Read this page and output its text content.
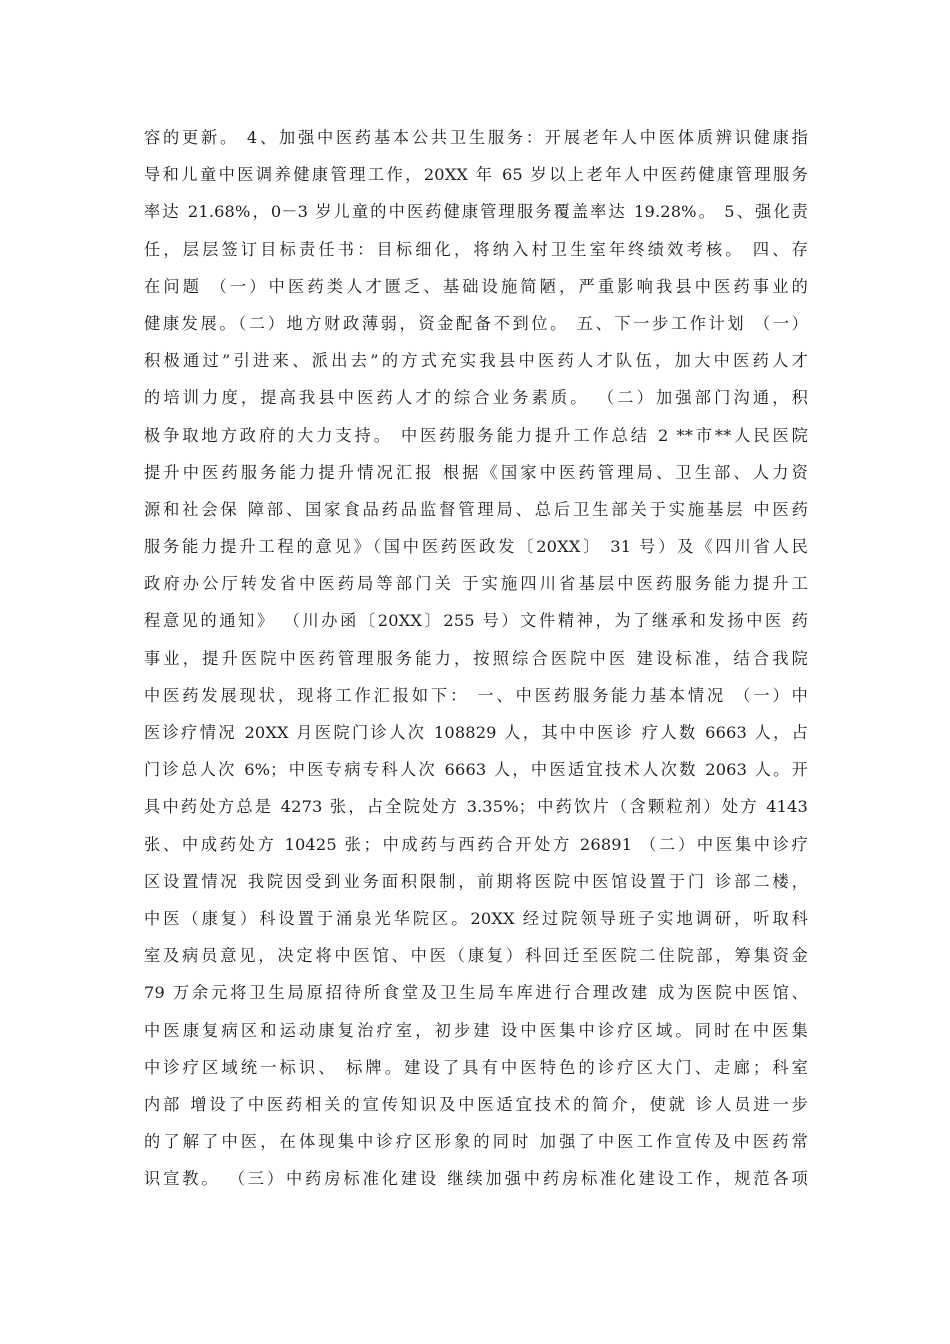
容的更新。 4、加强中医药基本公共卫生服务：开展老年人中医体质辨识健康指
导和儿童中医调养健康管理工作，20XX 年 65 岁以上老年人中医药健康管理服务
率达 21.68%，0－3 岁儿童的中医药健康管理服务覆盖率达 19.28%。 5、强化责
任，层层签订目标责任书：目标细化，将纳入村卫生室年终绩效考核。 四、存
在问题 （一）中医药类人才匮乏、基础设施简陋，严重影响我县中医药事业的
健康发展。（二）地方财政薄弱，资金配备不到位。 五、下一步工作计划 （一）
积极通过”引进来、派出去”的方式充实我县中医药人才队伍，加大中医药人才
的培训力度，提高我县中医药人才的综合业务素质。 （二）加强部门沟通，积
极争取地方政府的大力支持。 中医药服务能力提升工作总结 2 **市**人民医院
提升中医药服务能力提升情况汇报 根据《国家中医药管理局、卫生部、人力资
源和社会保 障部、国家食品药品监督管理局、总后卫生部关于实施基层 中医药
服务能力提升工程的意见》（国中医药医政发〔20XX〕 31 号）及《四川省人民
政府办公厅转发省中医药局等部门关 于实施四川省基层中医药服务能力提升工
程意见的通知》 （川办函〔20XX〕255 号）文件精神，为了继承和发扬中医 药
事业，提升医院中医药管理服务能力，按照综合医院中医 建设标准，结合我院
中医药发展现状，现将工作汇报如下： 一、中医药服务能力基本情况 （一）中
医诊疗情况 20XX 月医院门诊人次 108829 人，其中中医诊 疗人数 6663 人，占
门诊总人次 6%；中医专病专科人次 6663 人，中医适宜技术人次数 2063 人。开
具中药处方总是 4273 张，占全院处方 3.35%；中药饮片（含颗粒剂）处方 4143
张、中成药处方 10425 张；中成药与西药合开处方 26891 （二）中医集中诊疗
区设置情况 我院因受到业务面积限制，前期将医院中医馆设置于门 诊部二楼，
中医（康复）科设置于涌泉光华院区。20XX 经过院领导班子实地调研，听取科
室及病员意见，决定将中医馆、中医（康复）科回迁至医院二住院部，筹集资金
79 万余元将卫生局原招待所食堂及卫生局车库进行合理改建 成为医院中医馆、
中医康复病区和运动康复治疗室，初步建 设中医集中诊疗区域。同时在中医集
中诊疗区域统一标识、 标牌。建设了具有中医特色的诊疗区大门、走廊；科室
内部 增设了中医药相关的宣传知识及中医适宜技术的简介，使就 诊人员进一步
的了解了中医，在体现集中诊疗区形象的同时 加强了中医工作宣传及中医药常
识宣教。 （三）中药房标准化建设 继续加强中药房标准化建设工作，规范各项
